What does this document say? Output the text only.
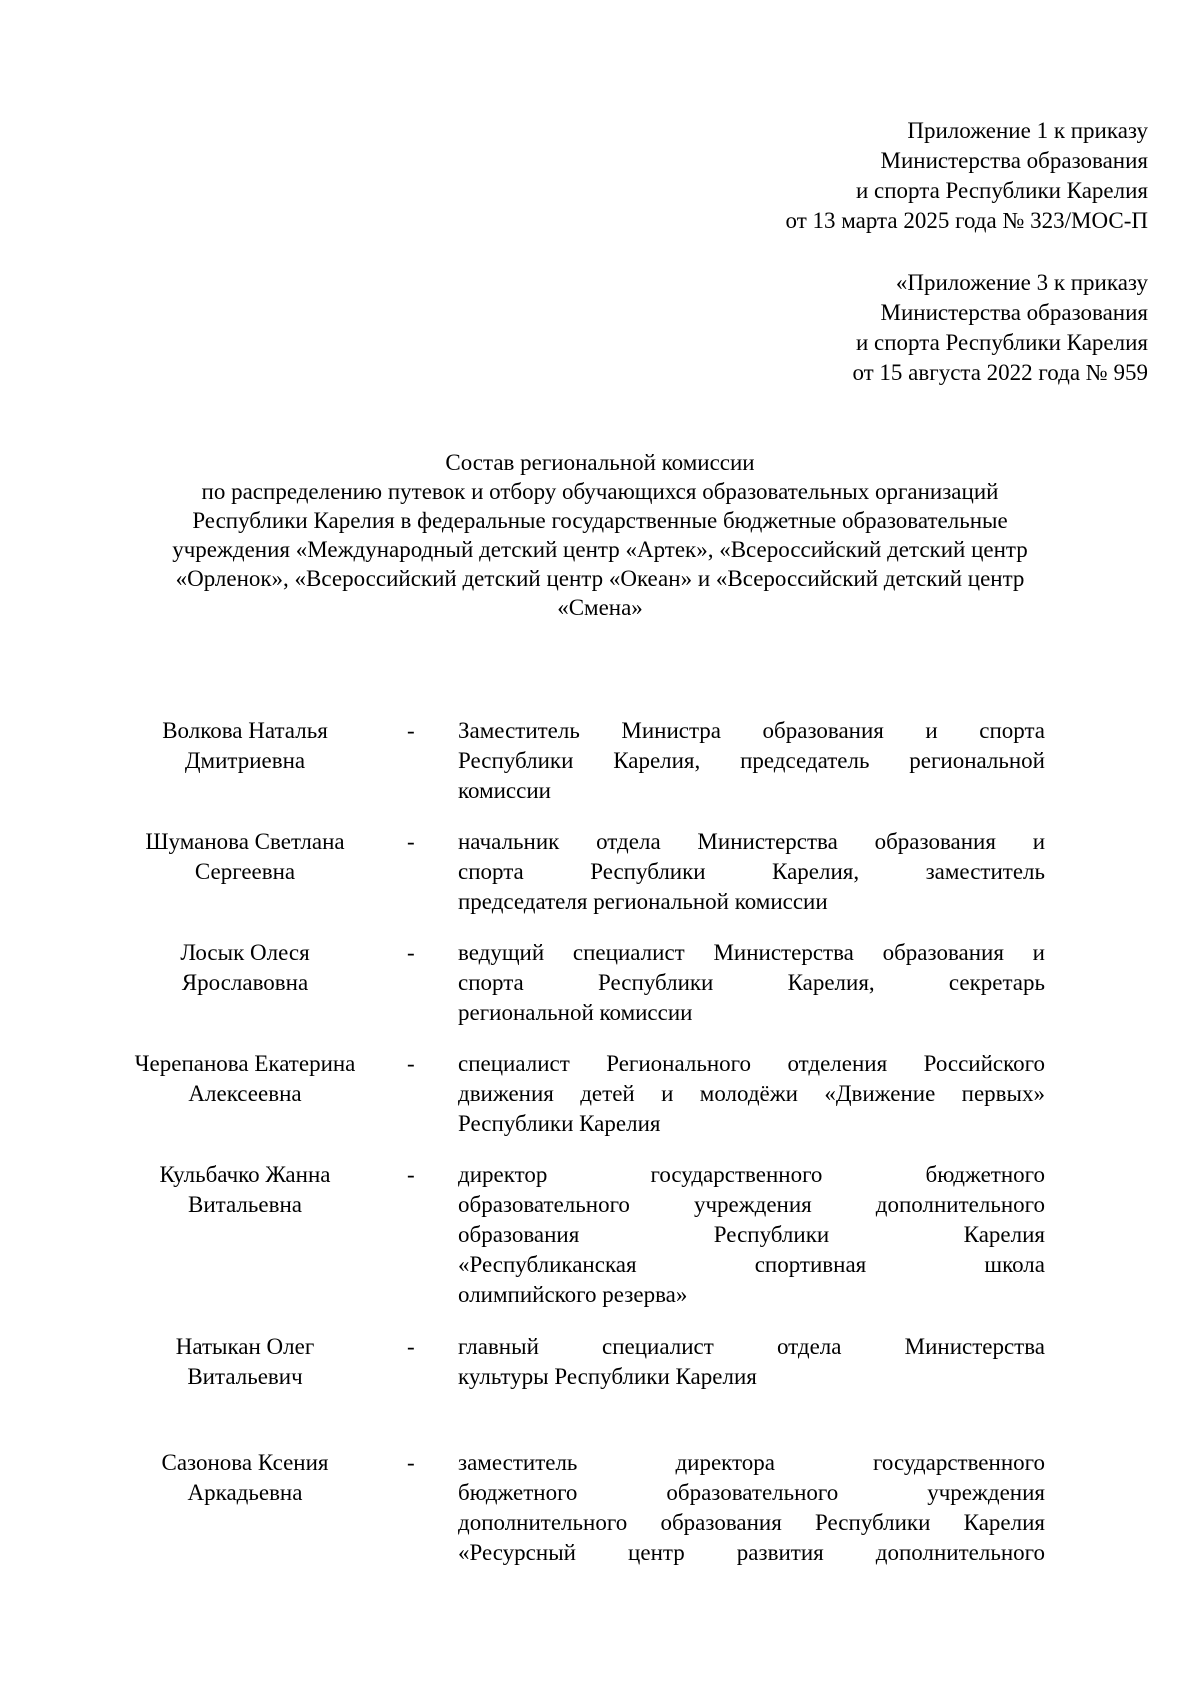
Приложение 1 к приказу
Министерства образования
и спорта Республики Карелия
от 13 марта 2025 года № 323/МОС-П
«Приложение 3 к приказу
Министерства образования
и спорта Республики Карелия
от 15 августа 2022 года № 959
Состав региональной комиссии
по распределению путевок и отбору обучающихся образовательных организаций
Республики Карелия в федеральные государственные бюджетные образовательные
учреждения «Международный детский центр «Артек», «Всероссийский детский центр
«Орленок», «Всероссийский детский центр «Океан» и «Всероссийский детский центр
«Смена»
Волкова Наталья
Дмитриевна
- Заместитель Министра образования и спорта
Республики Карелия, председатель региональной
комиссии
Шуманова Светлана
Сергеевна
- начальник отдела Министерства образования и
спорта Республики Карелия, заместитель
председателя региональной комиссии
Лосык Олеся
Ярославовна
- ведущий специалист Министерства образования и
спорта Республики Карелия, секретарь
региональной комиссии
Черепанова Екатерина
Алексеевна
- специалист Регионального отделения Российского
движения детей и молодёжи «Движение первых»
Республики Карелия
Кульбачко Жанна
Витальевна
- директор государственного бюджетного
образовательного учреждения дополнительного
образования Республики Карелия
«Республиканская спортивная школа
олимпийского резерва»
Натыкан Олег
Витальевич
- главный специалист отдела Министерства
культуры Республики Карелия
Сазонова Ксения
Аркадьевна
- заместитель директора государственного
бюджетного образовательного учреждения
дополнительного образования Республики Карелия
«Ресурсный центр развития дополнительного
